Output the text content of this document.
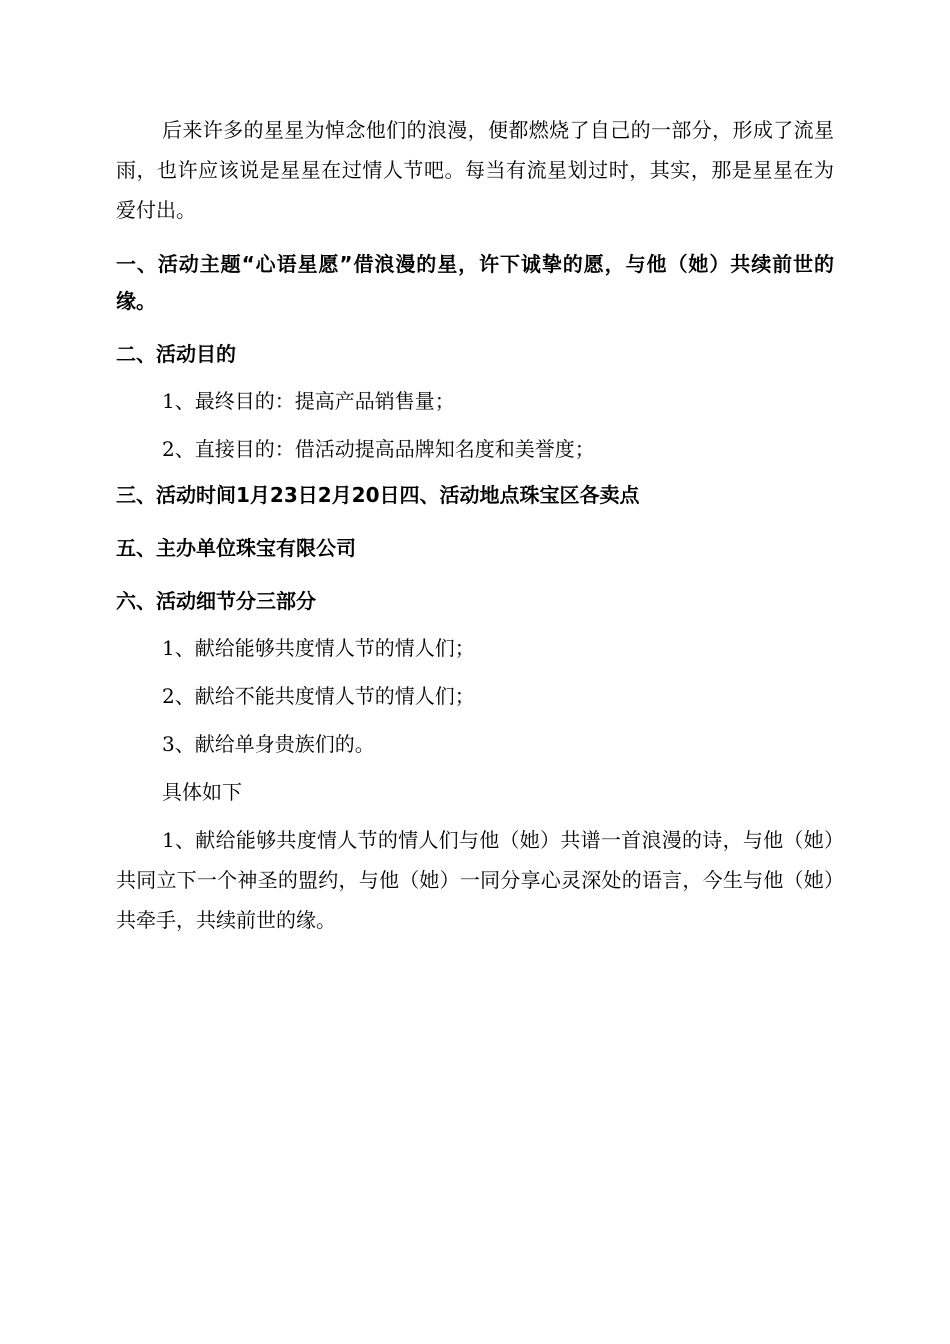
后来许多的星星为悼念他们的浪漫，便都燃烧了自己的一部分，形成了流星雨，也许应该说是星星在过情人节吧。每当有流星划过时，其实，那是星星在为爱付出。

一、活动主题“心语星愿”借浪漫的星，许下诚挚的愿，与他（她）共续前世的缘。

二、活动目的

1、最终目的：提高产品销售量；

2、直接目的：借活动提高品牌知名度和美誉度；

三、活动时间1月23日2月20日四、活动地点珠宝区各卖点

五、主办单位珠宝有限公司

六、活动细节分三部分

1、献给能够共度情人节的情人们；

2、献给不能共度情人节的情人们；

3、献给单身贵族们的。

具体如下

1、献给能够共度情人节的情人们与他（她）共谱一首浪漫的诗，与他（她）共同立下一个神圣的盟约，与他（她）一同分享心灵深处的语言，今生与他（她）共牵手，共续前世的缘。
